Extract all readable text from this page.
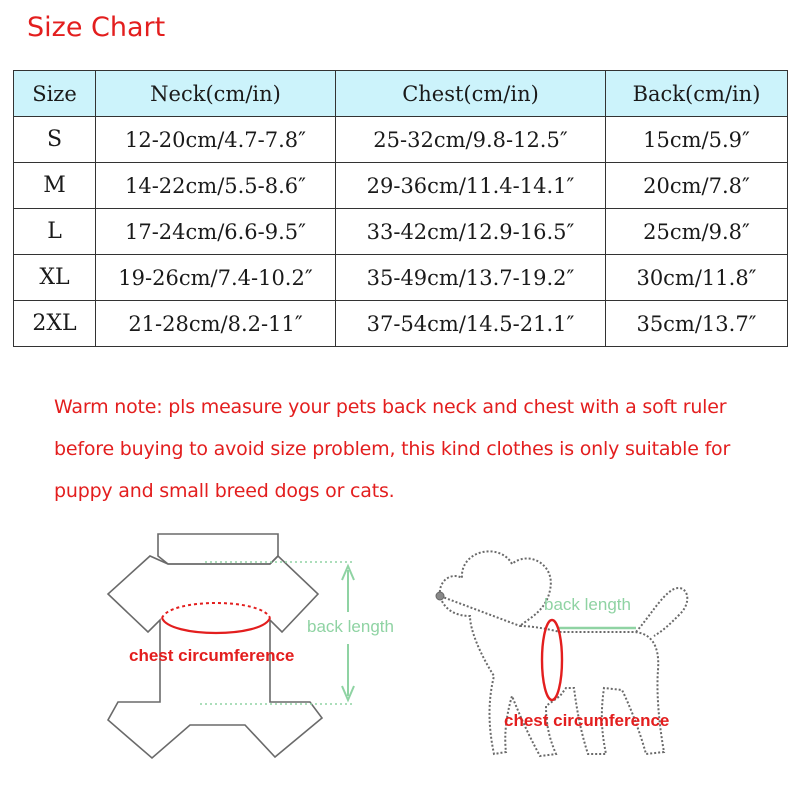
Size Chart
Size	Neck(cm/in)	Chest(cm/in)	Back(cm/in)
S	12-20cm/4.7-7.8″	25-32cm/9.8-12.5″	15cm/5.9″
M	14-22cm/5.5-8.6″	29-36cm/11.4-14.1″	20cm/7.8″
L	17-24cm/6.6-9.5″	33-42cm/12.9-16.5″	25cm/9.8″
XL	19-26cm/7.4-10.2″	35-49cm/13.7-19.2″	30cm/11.8″
2XL	21-28cm/8.2-11″	37-54cm/14.5-21.1″	35cm/13.7″
Warm note: pls measure your pets back neck and chest with a soft ruler
before buying to avoid size problem, this kind clothes is only suitable for
puppy and small breed dogs or cats.
back length
chest circumference
back length
chest circumference
